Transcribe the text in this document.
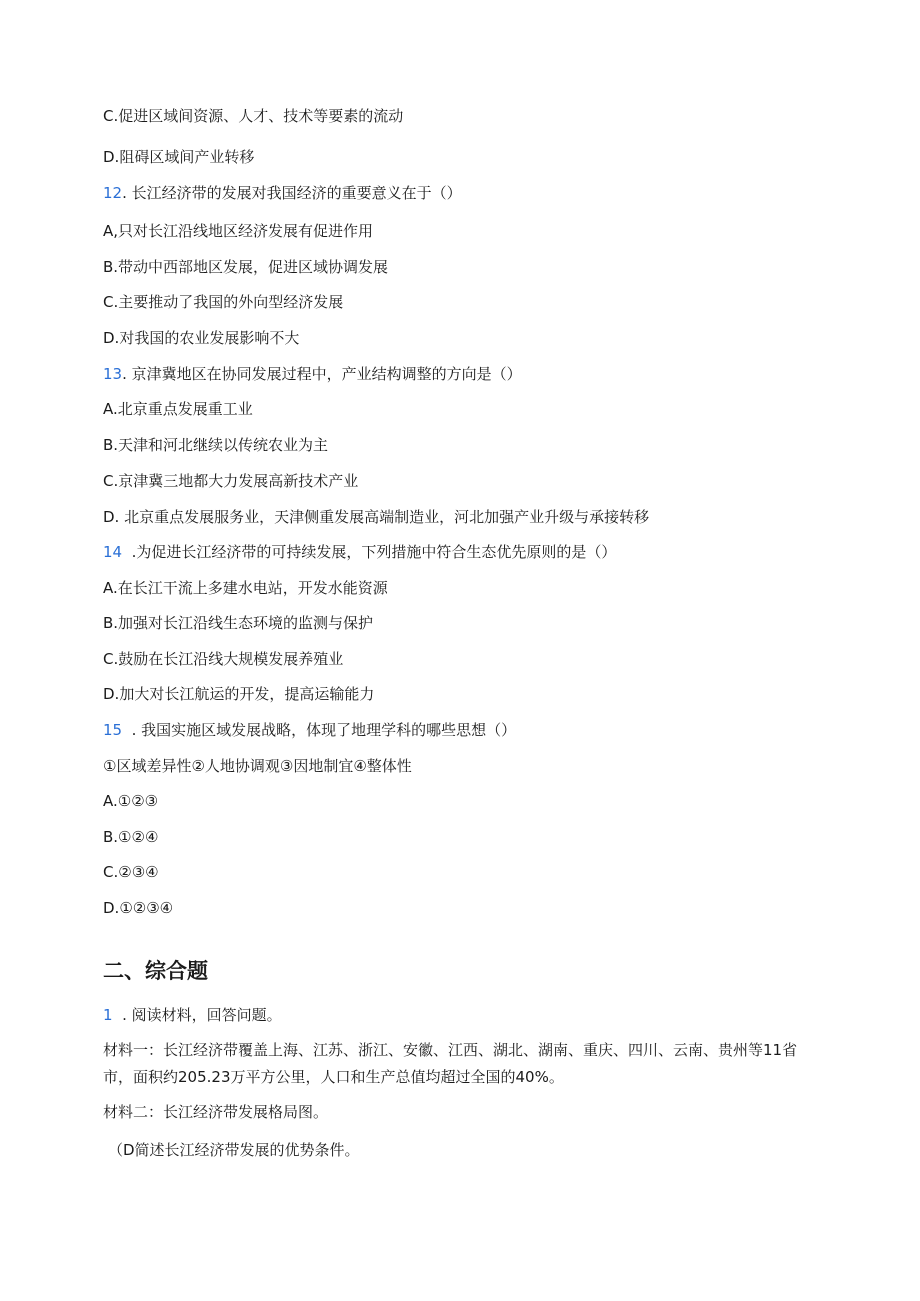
C.促进区域间资源、人才、技术等要素的流动
D.阻碍区域间产业转移
12. 长江经济带的发展对我国经济的重要意义在于（）
A,只对长江沿线地区经济发展有促进作用
B.带动中西部地区发展，促进区域协调发展
C.主要推动了我国的外向型经济发展
D.对我国的农业发展影响不大
13. 京津冀地区在协同发展过程中，产业结构调整的方向是（）
A.北京重点发展重工业
B.天津和河北继续以传统农业为主
C.京津冀三地都大力发展高新技术产业
D. 北京重点发展服务业，天津侧重发展高端制造业，河北加强产业升级与承接转移
14  .为促进长江经济带的可持续发展，下列措施中符合生态优先原则的是（）
A.在长江干流上多建水电站，开发水能资源
B.加强对长江沿线生态环境的监测与保护
C.鼓励在长江沿线大规模发展养殖业
D.加大对长江航运的开发，提高运输能力
15  . 我国实施区域发展战略，体现了地理学科的哪些思想（）
①区域差异性②人地协调观③因地制宜④整体性
A.①②③
B.①②④
C.②③④
D.①②③④
二、综合题
1  . 阅读材料，回答问题。
材料一：长江经济带覆盖上海、江苏、浙江、安徽、江西、湖北、湖南、重庆、四川、云南、贵州等11省市，面积约205.23万平方公里，人口和生产总值均超过全国的40%。
材料二：长江经济带发展格局图。
（D简述长江经济带发展的优势条件。
